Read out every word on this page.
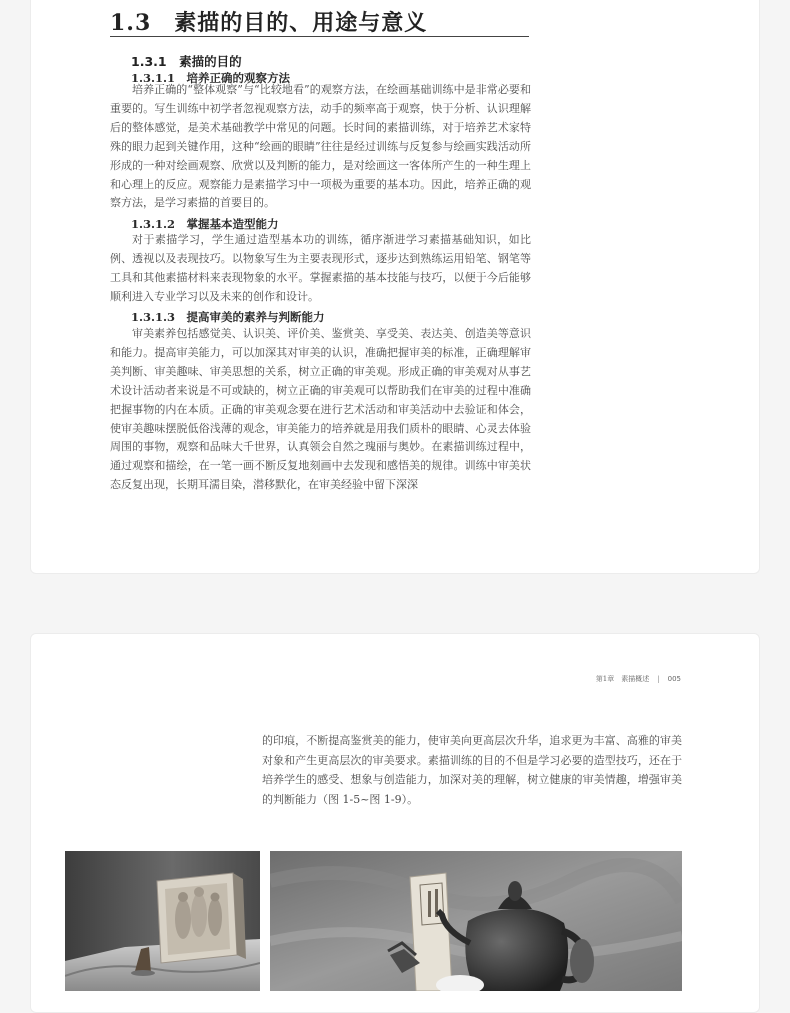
1.3　素描的目的、用途与意义
1.3.1　素描的目的
1.3.1.1　培养正确的观察方法

培养正确的“整体观察”与“比较地看”的观察方法，在绘画基础训练中是非常必要和重要的。写生训练中初学者忽视观察方法，动手的频率高于观察，快于分析、认识理解后的整体感觉，是美术基础教学中常见的问题。长时间的素描训练，对于培养艺术家特殊的眼力起到关键作用，这种“绘画的眼睛”往往是经过训练与反复参与绘画实践活动所形成的一种对绘画观察、欣赏以及判断的能力，是对绘画这一客体所产生的一种生理上和心理上的反应。观察能力是素描学习中一项极为重要的基本功。因此，培养正确的观察方法，是学习素描的首要目的。

1.3.1.2　掌握基本造型能力

对于素描学习，学生通过造型基本功的训练，循序渐进学习素描基础知识，如比例、透视以及表现技巧。以物象写生为主要表现形式，逐步达到熟练运用铅笔、钢笔等工具和其他素描材料来表现物象的水平。掌握素描的基本技能与技巧，以便于今后能够顺利进入专业学习以及未来的创作和设计。

1.3.1.3　提高审美的素养与判断能力

审美素养包括感觉美、认识美、评价美、鉴赏美、享受美、表达美、创造美等意识和能力。提高审美能力，可以加深其对审美的认识，准确把握审美的标准，正确理解审美判断、审美趣味、审美思想的关系，树立正确的审美观。形成正确的审美观对从事艺术设计活动者来说是不可或缺的，树立正确的审美观可以帮助我们在审美的过程中准确把握事物的内在本质。正确的审美观念要在进行艺术活动和审美活动中去验证和体会，使审美趣味摆脱低俗浅薄的观念，审美能力的培养就是用我们质朴的眼睛、心灵去体验周围的事物，观察和品味大千世界，认真领会自然之瑰丽与奥妙。在素描训练过程中，通过观察和描绘，在一笔一画不断反复地刻画中去发现和感悟美的规律。训练中审美状态反复出现，长期耳濡目染，潜移默化，在审美经验中留下深深

第1章　素描概述 | 005

的印痕，不断提高鉴赏美的能力，使审美向更高层次升华，追求更为丰富、高雅的审美对象和产生更高层次的审美要求。素描训练的目的不但是学习必要的造型技巧，还在于培养学生的感受、想象与创造能力，加深对美的理解，树立健康的审美情趣，增强审美的判断能力（图 1-5~图 1-9）。
